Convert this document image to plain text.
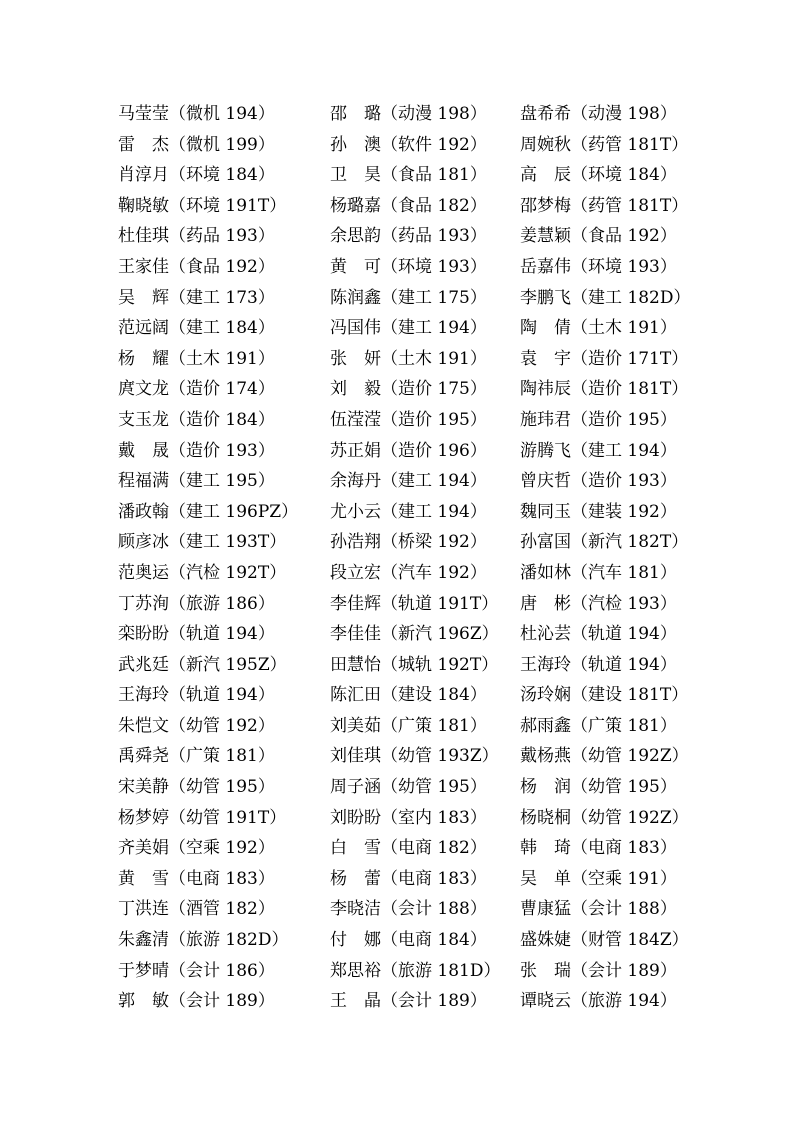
马莹莹（微机 194）	邵　璐（动漫 198）	盘希希（动漫 198）
雷　杰（微机 199）	孙　澳（软件 192）	周婉秋（药管 181T）
肖淳月（环境 184）	卫　昊（食品 181）	高　辰（环境 184）
鞠晓敏（环境 191T）	杨璐嘉（食品 182）	邵梦梅（药管 181T）
杜佳琪（药品 193）	余思韵（药品 193）	姜慧颖（食品 192）
王家佳（食品 192）	黄　可（环境 193）	岳嘉伟（环境 193）
吴　辉（建工 173）	陈润鑫（建工 175）	李鹏飞（建工 182D）
范远阔（建工 184）	冯国伟（建工 194）	陶　倩（土木 191）
杨　耀（土木 191）	张　妍（土木 191）	袁　宇（造价 171T）
庹文龙（造价 174）	刘　毅（造价 175）	陶祎辰（造价 181T）
支玉龙（造价 184）	伍滢滢（造价 195）	施玮君（造价 195）
戴　晟（造价 193）	苏正娟（造价 196）	游腾飞（建工 194）
程福满（建工 195）	余海丹（建工 194）	曾庆哲（造价 193）
潘政翰（建工 196PZ）	尤小云（建工 194）	魏同玉（建装 192）
顾彦冰（建工 193T）	孙浩翔（桥梁 192）	孙富国（新汽 182T）
范奥运（汽检 192T）	段立宏（汽车 192）	潘如林（汽车 181）
丁苏洵（旅游 186）	李佳辉（轨道 191T）	唐　彬（汽检 193）
栾盼盼（轨道 194）	李佳佳（新汽 196Z）	杜沁芸（轨道 194）
武兆廷（新汽 195Z）	田慧怡（城轨 192T）	王海玲（轨道 194）
王海玲（轨道 194）	陈汇田（建设 184）	汤玲娴（建设 181T）
朱恺文（幼管 192）	刘美茹（广策 181）	郝雨鑫（广策 181）
禹舜尧（广策 181）	刘佳琪（幼管 193Z）	戴杨燕（幼管 192Z）
宋美静（幼管 195）	周子涵（幼管 195）	杨　润（幼管 195）
杨梦婷（幼管 191T）	刘盼盼（室内 183）	杨晓桐（幼管 192Z）
齐美娟（空乘 192）	白　雪（电商 182）	韩　琦（电商 183）
黄　雪（电商 183）	杨　蕾（电商 183）	吴　单（空乘 191）
丁洪连（酒管 182）	李晓洁（会计 188）	曹康猛（会计 188）
朱鑫清（旅游 182D）	付　娜（电商 184）	盛姝婕（财管 184Z）
于梦晴（会计 186）	郑思裕（旅游 181D）	张　瑞（会计 189）
郭　敏（会计 189）	王　晶（会计 189）	谭晓云（旅游 194）
